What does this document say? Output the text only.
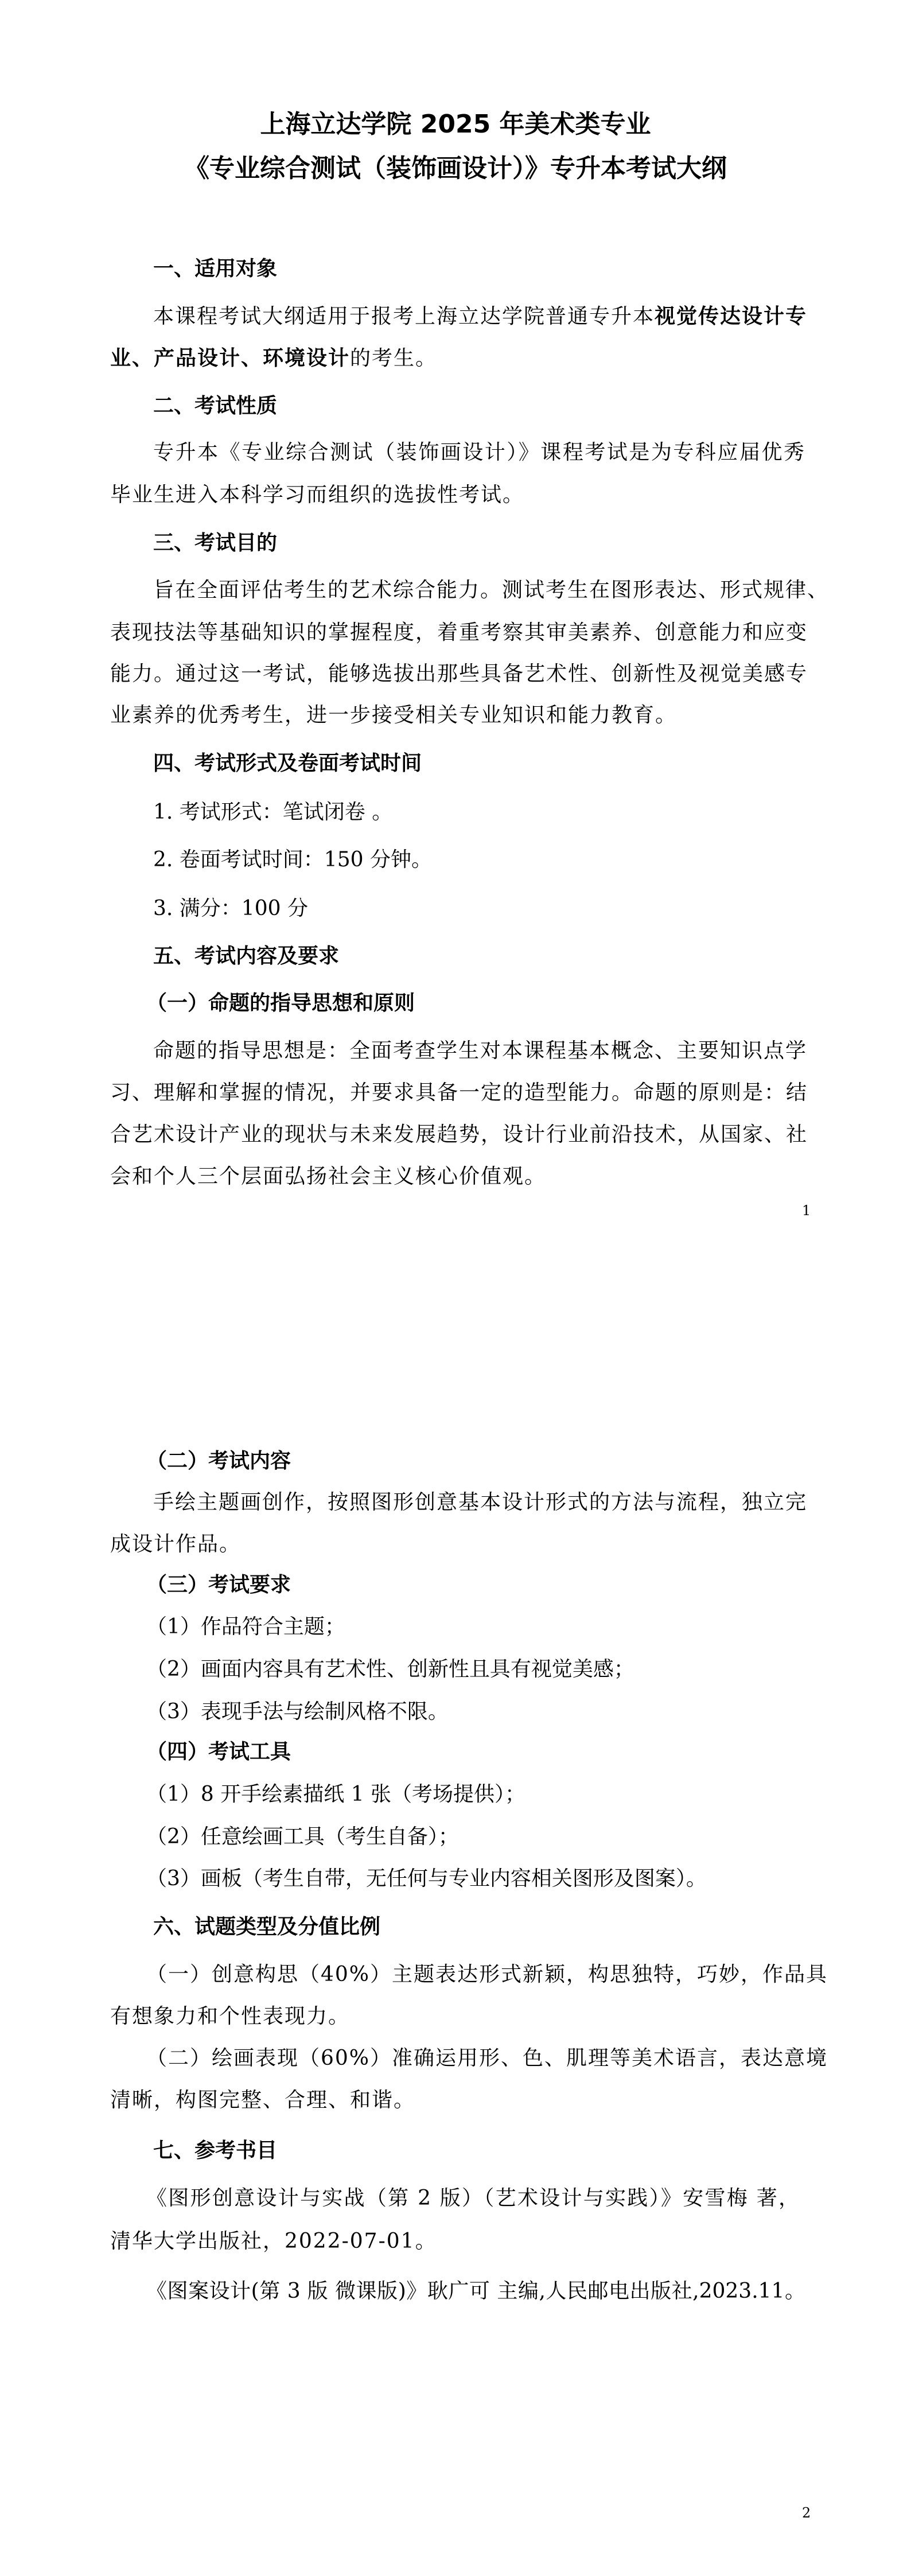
上海立达学院 2025 年美术类专业
《专业综合测试（装饰画设计）》专升本考试大纲
一、适用对象
本课程考试大纲适用于报考上海立达学院普通专升本视觉传达设计专
业、产品设计、环境设计的考生。
二、考试性质
专升本《专业综合测试（装饰画设计）》课程考试是为专科应届优秀
毕业生进入本科学习而组织的选拔性考试。
三、考试目的
旨在全面评估考生的艺术综合能力。测试考生在图形表达、形式规律、
表现技法等基础知识的掌握程度，着重考察其审美素养、创意能力和应变
能力。通过这一考试，能够选拔出那些具备艺术性、创新性及视觉美感专
业素养的优秀考生，进一步接受相关专业知识和能力教育。
四、考试形式及卷面考试时间
1. 考试形式：笔试闭卷 。
2. 卷面考试时间：150 分钟。
3. 满分：100 分
五、考试内容及要求
（一）命题的指导思想和原则
命题的指导思想是：全面考查学生对本课程基本概念、主要知识点学
习、理解和掌握的情况，并要求具备一定的造型能力。命题的原则是：结
合艺术设计产业的现状与未来发展趋势，设计行业前沿技术，从国家、社
会和个人三个层面弘扬社会主义核心价值观。
1
（二）考试内容
手绘主题画创作，按照图形创意基本设计形式的方法与流程，独立完
成设计作品。
（三）考试要求
（1）作品符合主题；
（2）画面内容具有艺术性、创新性且具有视觉美感；
（3）表现手法与绘制风格不限。
（四）考试工具
（1）8 开手绘素描纸 1 张（考场提供）；
（2）任意绘画工具（考生自备）；
（3）画板（考生自带，无任何与专业内容相关图形及图案）。
六、试题类型及分值比例
（一）创意构思（40%）主题表达形式新颖，构思独特，巧妙，作品具
有想象力和个性表现力。
（二）绘画表现（60%）准确运用形、色、肌理等美术语言，表达意境
清晰，构图完整、合理、和谐。
七、参考书目
《图形创意设计与实战（第 2 版）（艺术设计与实践）》安雪梅 著，
清华大学出版社，2022-07-01。
《图案设计(第 3 版 微课版)》耿广可 主编,人民邮电出版社,2023.11。
2
